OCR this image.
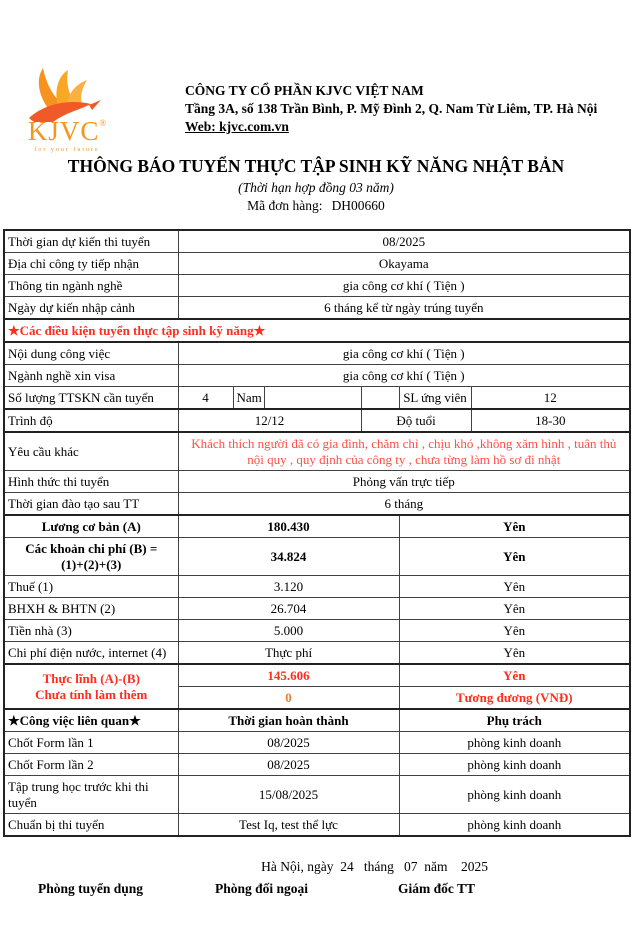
KJVC®
for your future
CÔNG TY CỔ PHẦN KJVC VIỆT NAM
Tầng 3A, số 138 Trần Bình, P. Mỹ Đình 2, Q. Nam Từ Liêm, TP. Hà Nội
Web: kjvc.com.vn
THÔNG BÁO TUYỂN THỰC TẬP SINH KỸ NĂNG NHẬT BẢN
(Thời hạn hợp đồng 03 năm)
Mã đơn hàng: DH00660
Thời gian dự kiến thi tuyển	08/2025					
Địa chỉ công ty tiếp nhận	Okayama					
Thông tin ngành nghề	gia công cơ khí ( Tiện )					
Ngày dự kiến nhập cảnh	6 tháng kể từ ngày trúng tuyển					
★Các điều kiện tuyển thực tập sinh kỹ năng★						
Nội dung công việc	gia công cơ khí ( Tiện )					
Ngành nghề xin visa	gia công cơ khí ( Tiện )					
Số lượng TTSKN cần tuyển	4	Nam			SL ứng viên	12
Trình độ	12/12			Độ tuổi		18-30
Yêu cầu khác	Khách thích người đã có gia đình, chăm chỉ , chịu khó ,không xăm hình , tuân thủ nội quy , quy định của công ty , chưa từng làm hồ sơ đi nhật					
Hình thức thi tuyển	Phỏng vấn trực tiếp					
Thời gian đào tạo sau TT	6 tháng					
Lương cơ bản (A)	180.430				Yên	

Các khoản chi phí (B) =
(1)+(2)+(3)	34.824				Yên	
Thuế (1)	3.120				Yên	
BHXH & BHTN (2)	26.704				Yên	
Tiền nhà (3)	5.000				Yên	
Chi phí điện nước, internet (4)	Thực phí				Yên	

Thực lĩnh (A)-(B)
Chưa tính làm thêm	145.606				Yên	
	0				Tương đương (VNĐ)	
★Công việc liên quan★	Thời gian hoàn thành				Phụ trách	
Chốt Form lần 1	08/2025				phòng kinh doanh	
Chốt Form lần 2	08/2025				phòng kinh doanh	
Tập trung học trước khi thi tuyển	15/08/2025				phòng kinh doanh	
Chuẩn bị thi tuyển	Test Iq, test thể lực				phòng kinh doanh	
Hà Nội, ngày  24   tháng   07  năm    2025
Phòng tuyển dụng	Phòng đối ngoại	Giám đốc TT
